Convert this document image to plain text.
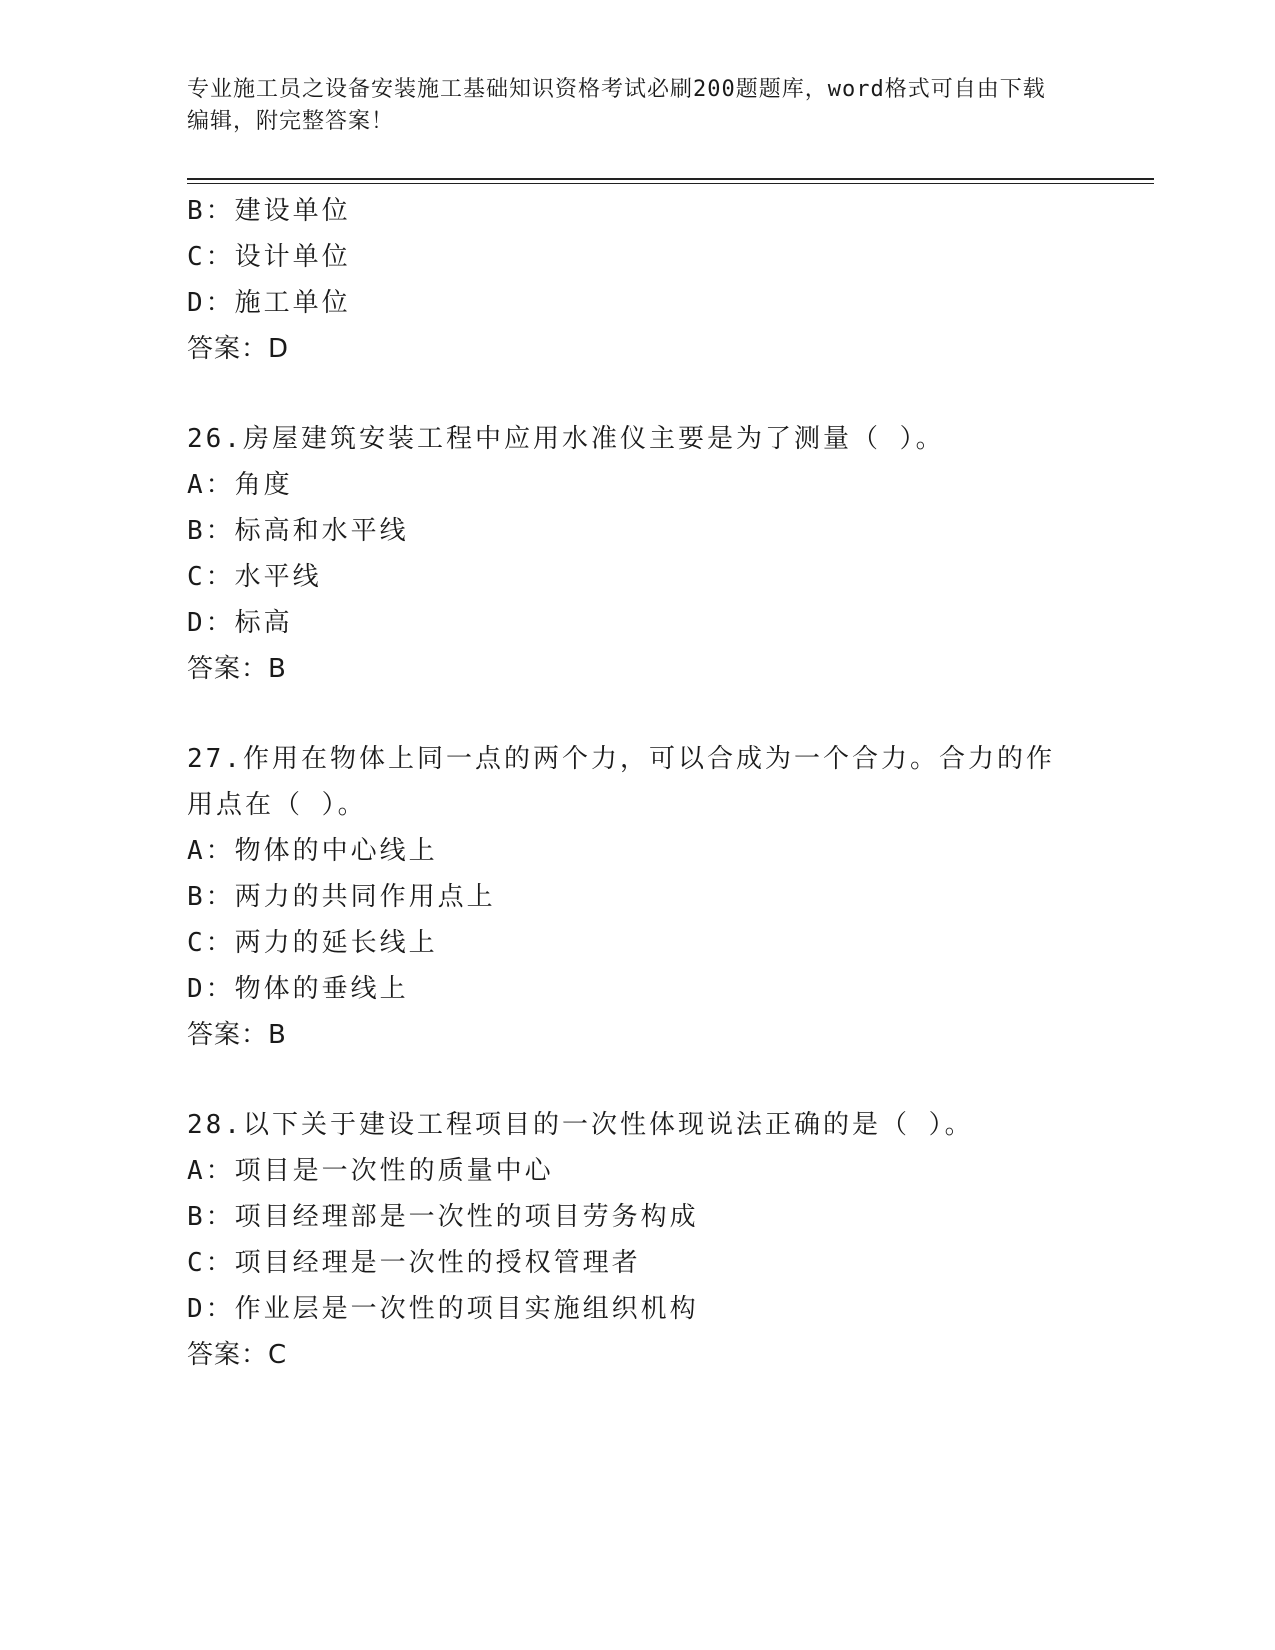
专业施工员之设备安装施工基础知识资格考试必刷200题题库，word格式可自由下载编辑，附完整答案！
B：建设单位
C：设计单位
D：施工单位
答案：D
26.房屋建筑安装工程中应用水准仪主要是为了测量（ ）。
A：角度
B：标高和水平线
C：水平线
D：标高
答案：B
27.作用在物体上同一点的两个力，可以合成为一个合力。合力的作用点在（ ）。
A：物体的中心线上
B：两力的共同作用点上
C：两力的延长线上
D：物体的垂线上
答案：B
28.以下关于建设工程项目的一次性体现说法正确的是（ ）。
A：项目是一次性的质量中心
B：项目经理部是一次性的项目劳务构成
C：项目经理是一次性的授权管理者
D：作业层是一次性的项目实施组织机构
答案：C
